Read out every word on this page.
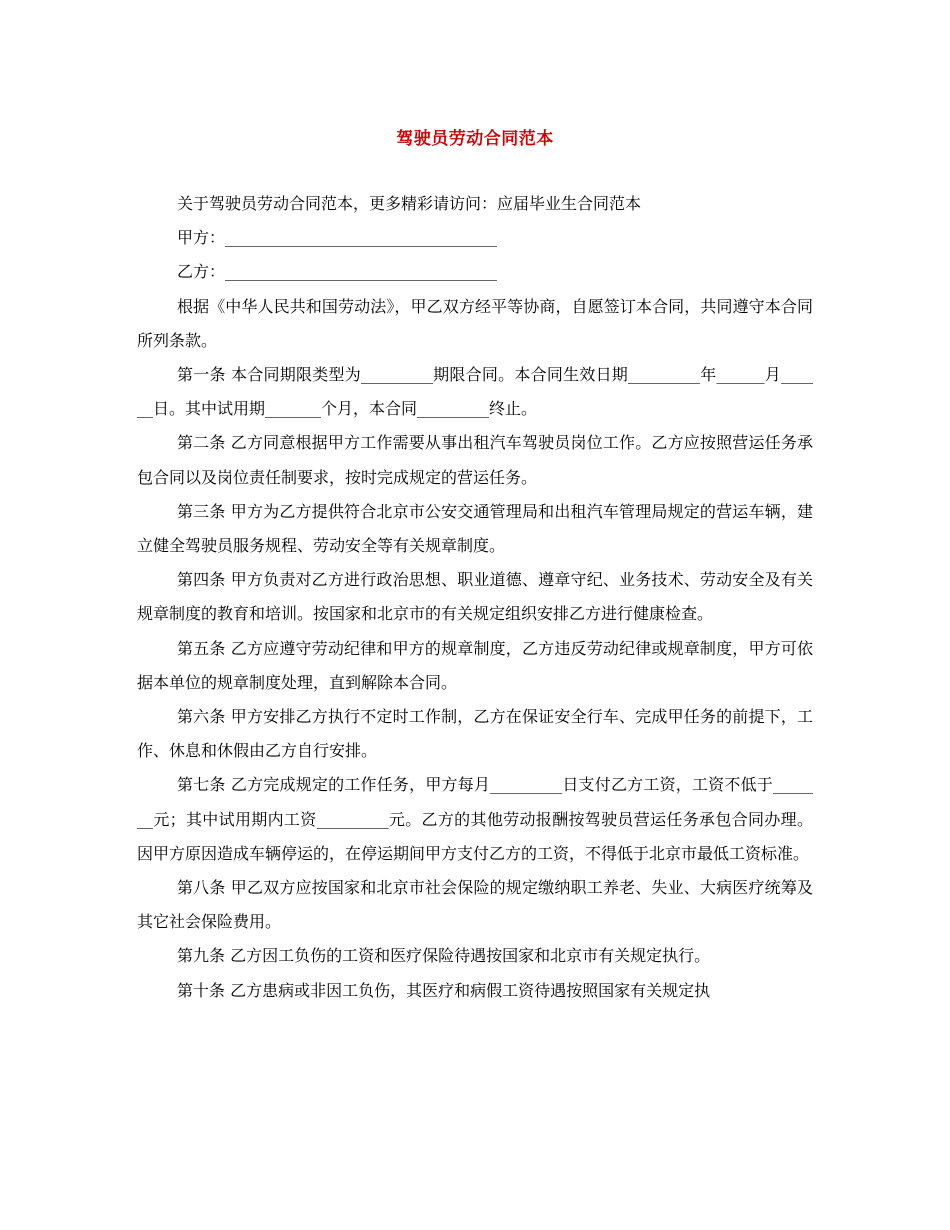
驾驶员劳动合同范本

关于驾驶员劳动合同范本，更多精彩请访问：应届毕业生合同范本

甲方：__________________________________

乙方：__________________________________

根据《中华人民共和国劳动法》，甲乙双方经平等协商，自愿签订本合同，共同遵守本合同所列条款。

第一条 本合同期限类型为_________期限合同。本合同生效日期_________年______月______日。其中试用期_______个月，本合同_________终止。

第二条 乙方同意根据甲方工作需要从事出租汽车驾驶员岗位工作。乙方应按照营运任务承包合同以及岗位责任制要求，按时完成规定的营运任务。

第三条 甲方为乙方提供符合北京市公安交通管理局和出租汽车管理局规定的营运车辆，建立健全驾驶员服务规程、劳动安全等有关规章制度。

第四条 甲方负责对乙方进行政治思想、职业道德、遵章守纪、业务技术、劳动安全及有关规章制度的教育和培训。按国家和北京市的有关规定组织安排乙方进行健康检查。

第五条 乙方应遵守劳动纪律和甲方的规章制度，乙方违反劳动纪律或规章制度，甲方可依据本单位的规章制度处理，直到解除本合同。

第六条 甲方安排乙方执行不定时工作制，乙方在保证安全行车、完成甲任务的前提下，工作、休息和休假由乙方自行安排。

第七条 乙方完成规定的工作任务，甲方每月_________日支付乙方工资，工资不低于_______元；其中试用期内工资_________元。乙方的其他劳动报酬按驾驶员营运任务承包合同办理。因甲方原因造成车辆停运的，在停运期间甲方支付乙方的工资，不得低于北京市最低工资标准。

第八条 甲乙双方应按国家和北京市社会保险的规定缴纳职工养老、失业、大病医疗统筹及其它社会保险费用。

第九条 乙方因工负伤的工资和医疗保险待遇按国家和北京市有关规定执行。

第十条 乙方患病或非因工负伤，其医疗和病假工资待遇按照国家有关规定执
